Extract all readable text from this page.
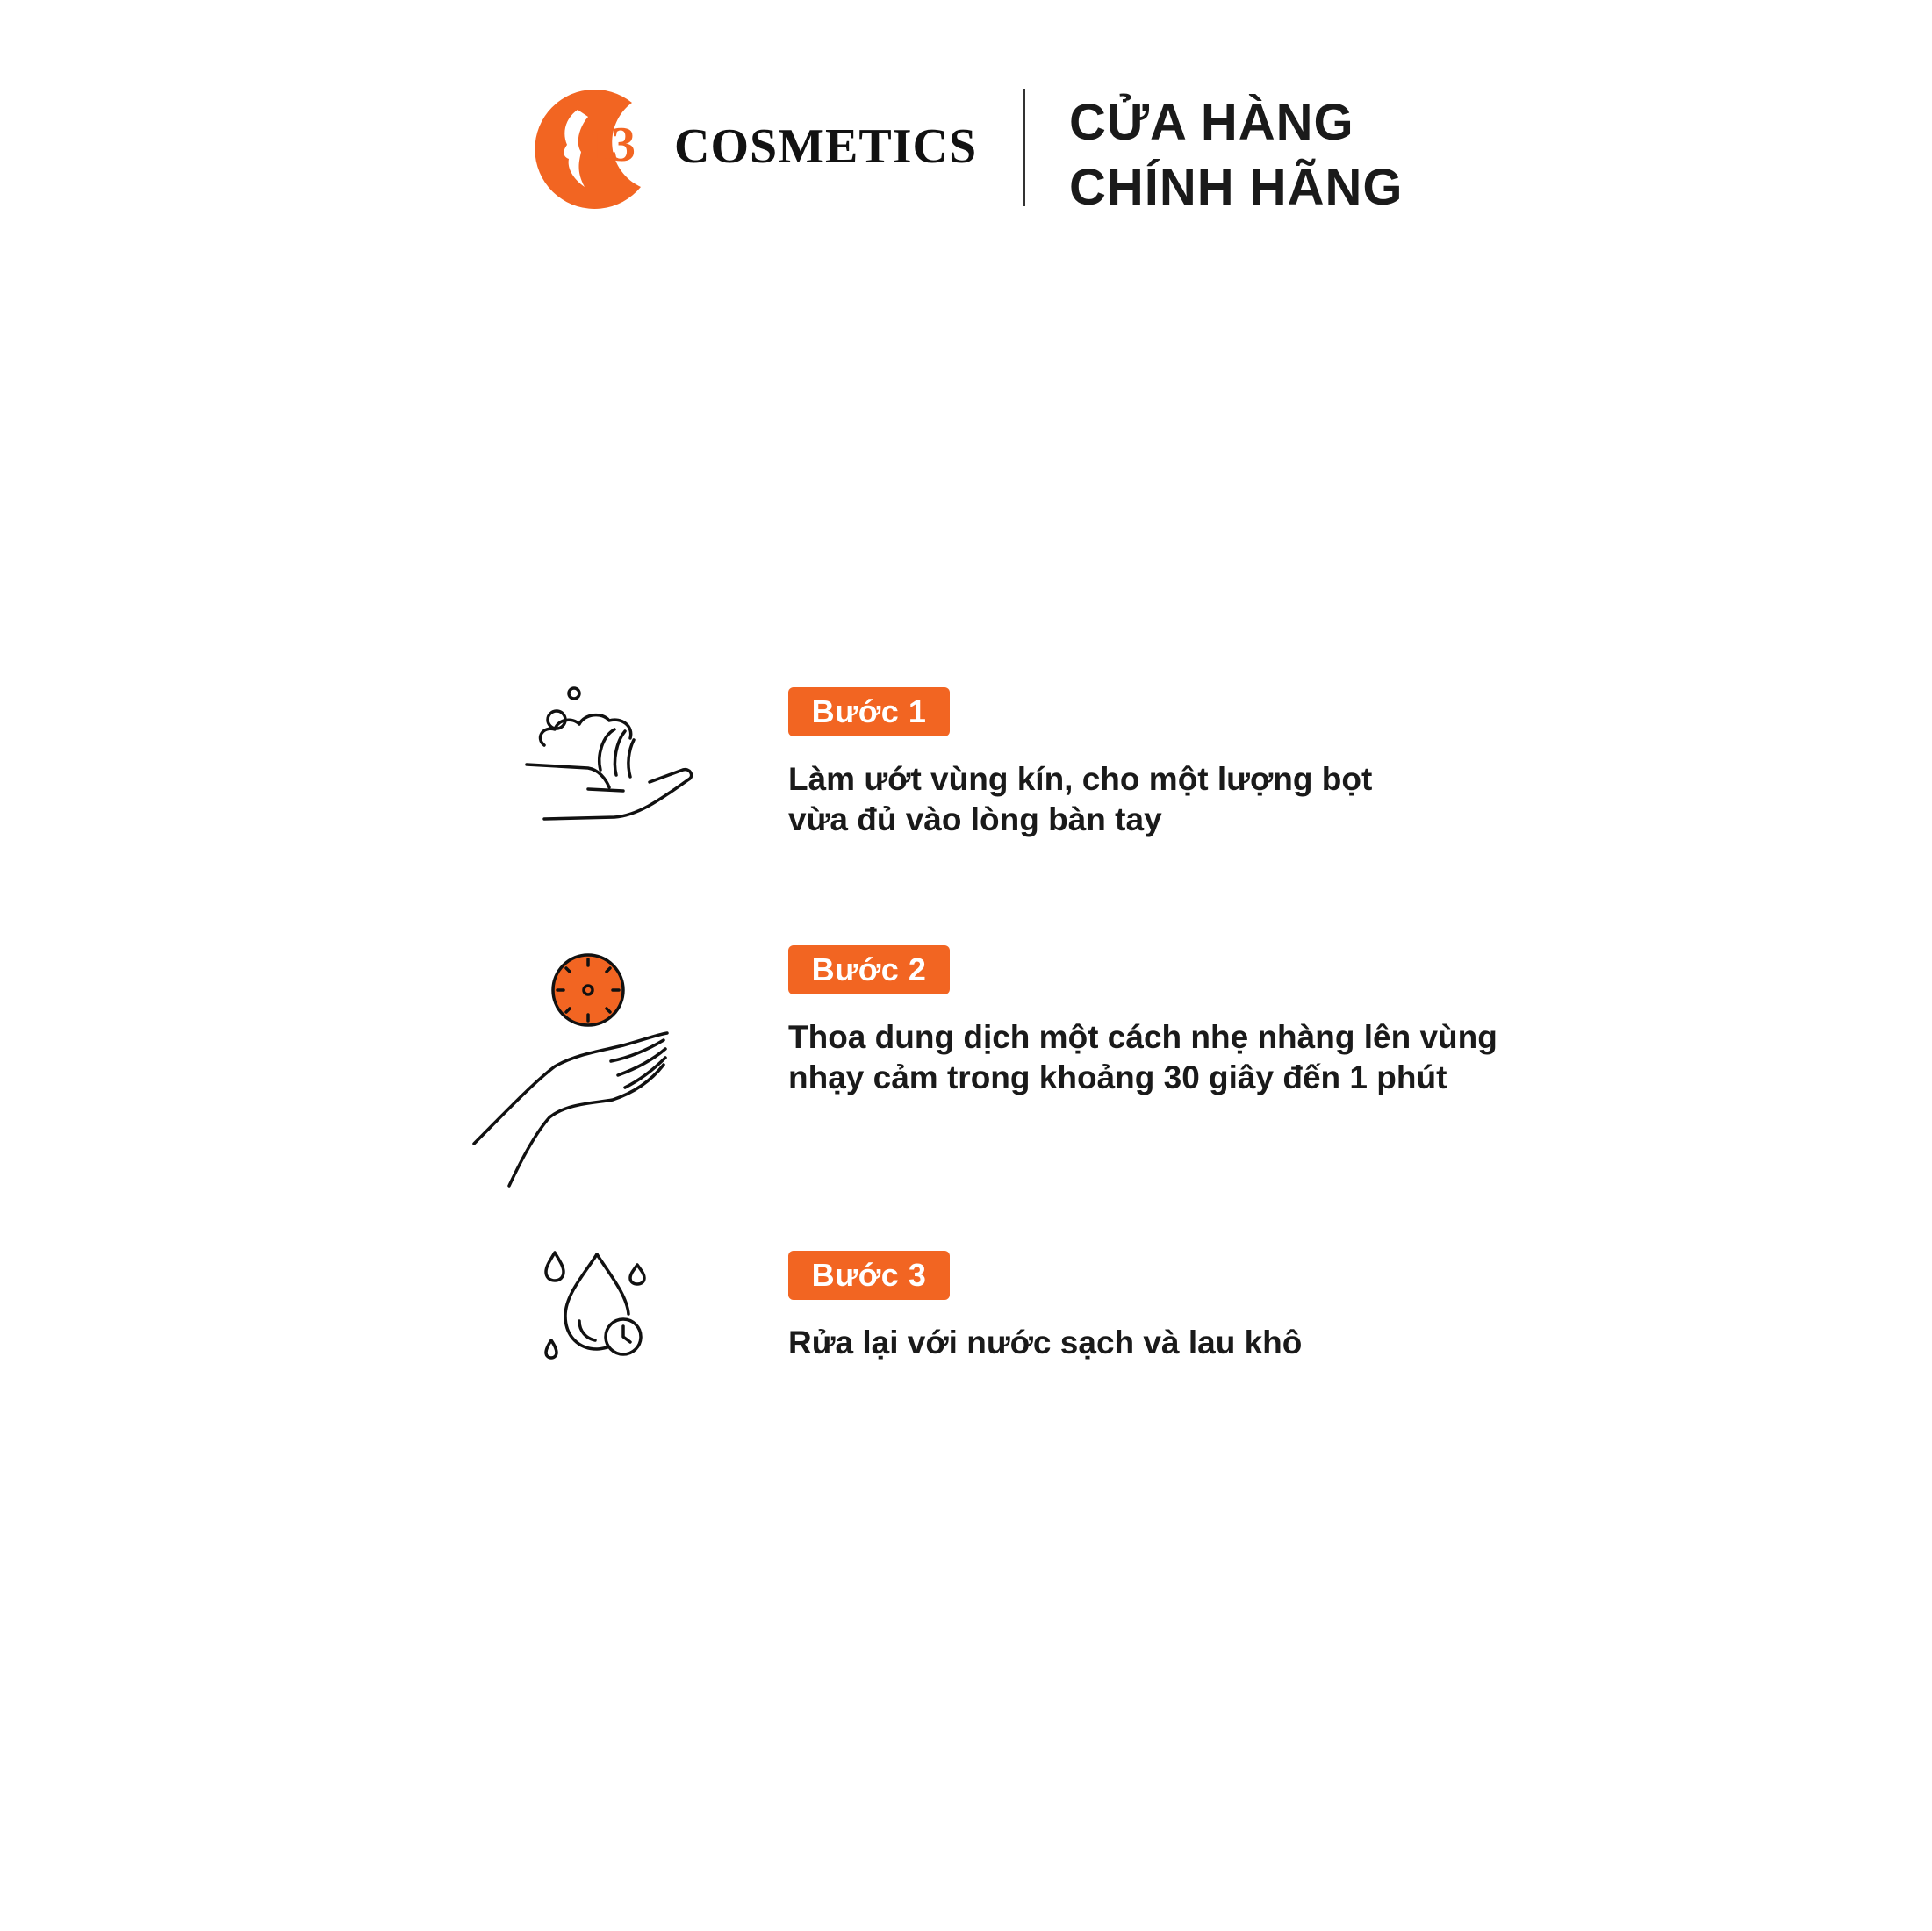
13 COSMETICS CỬA HÀNG
CHÍNH HÃNG
Bước 1
Làm ướt vùng kín, cho một lượng bọt
vừa đủ vào lòng bàn tay
Bước 2
Thoa dung dịch một cách nhẹ nhàng lên vùng
nhạy cảm trong khoảng 30 giây đến 1 phút
Bước 3
Rửa lại với nước sạch và lau khô
